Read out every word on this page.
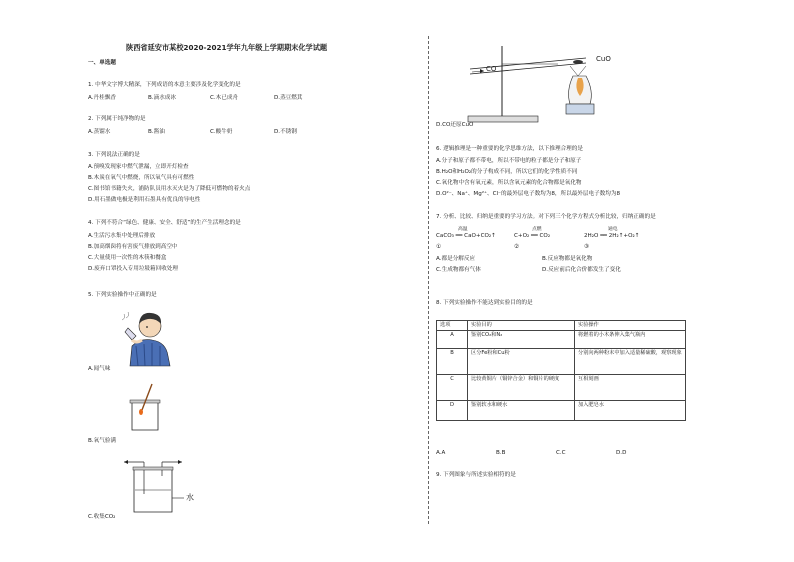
陕西省延安市某校2020-2021学年九年级上学期期末化学试题
一、单选题
1. 中华文字博大精深，下列成语的本意主要涉及化学变化的是
A.丹桂飘香	B.滴水成冰	C.木已成舟	D.蒸豆燃萁
2. 下列属于纯净物的是
A.蒸馏水	B.酱油	C.酸牛奶	D.不锈钢
3. 下列说法正确的是
A.预嗅发现家中燃气泄漏，立即开灯检查
B.木炭在氧气中燃烧，所以氧气具有可燃性
C.图书馆书籍失火，浦防队员用水灭火是为了降低可燃物的着火点
D.用石墨做电极是利用石墨具有优良的导电性
4. 下列不符合“绿色、健康、安全、舒适”的生产生活理念的是
A.生活污水集中处理后排放
B.加高烟囱将有害废气排放到高空中
C.大量使用一次性的木筷和餐盒
D.废弃口罩投入专用垃圾箱回收处理
5. 下列实验操作中正确的是
A.闻气味
B.氧气验满
水
C.收集CO₂
CO
CuO
D.CO还原CuO
6. 逻辑推理是一种重要的化学思维方法，以下推理合理的是
A.分子和原子都不带电，所以不带电的粒子都是分子和原子
B.H₂O和H₂O₂的分子构成不同，所以它们的化学性质不同
C.氧化物中含有氧元素，所以含氧元素的化合物都是氧化物
D.O²⁻、Na⁺、Mg²⁺、Cl⁻的最外层电子数均为8，所以最外层电子数均为8
7. 分析、比较、归纳是重要的学习方法。对下列三个化学方程式分析比较，归纳正确的是
高温
CaCO₃ ══ CaO+CO₂↑
点燃
C+O₂ ══ CO₂
通电
2H₂O ══ 2H₂↑+O₂↑
①	②	③
A.都是分解反应	B.反应物都是氧化物
C.生成物都有气体	D.反应前后化合价都发生了变化
8. 下列实验操作不能达到实验目的的是
选项	实验目的	实验操作
A	鉴别CO₂和N₂	将燃着的小木条伸入集气瓶内
B	区分Fe粉和Cu粉	分别向两种粉末中加入适量稀硫酸，观察现象
C	比较黄铜片（铜锌合金）和铜片的硬度	互相刻画
D	鉴别软水和硬水	加入肥皂水
A.A	B.B	C.C	D.D
9. 下列图象与所述实验相符的是
